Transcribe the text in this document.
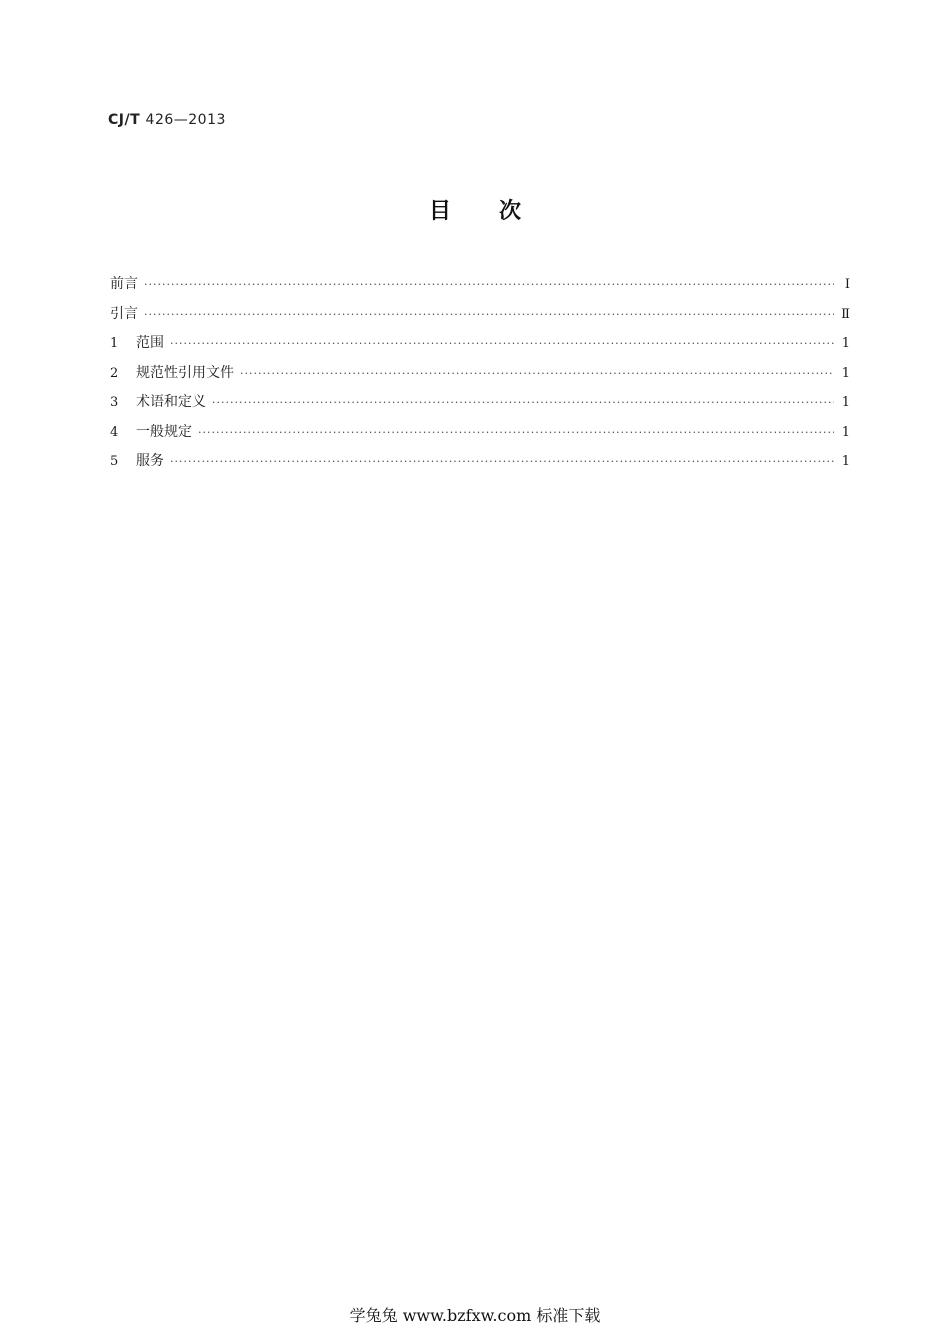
CJ/T 426—2013
目次
前言 ·····	Ⅰ
引言 ·····	Ⅱ
1	范围 ·····	1
2	规范性引用文件 ·····	1
3	术语和定义 ·····	1
4	一般规定 ·····	1
5	服务 ·····	1
学兔兔 www.bzfxw.com 标准下载
